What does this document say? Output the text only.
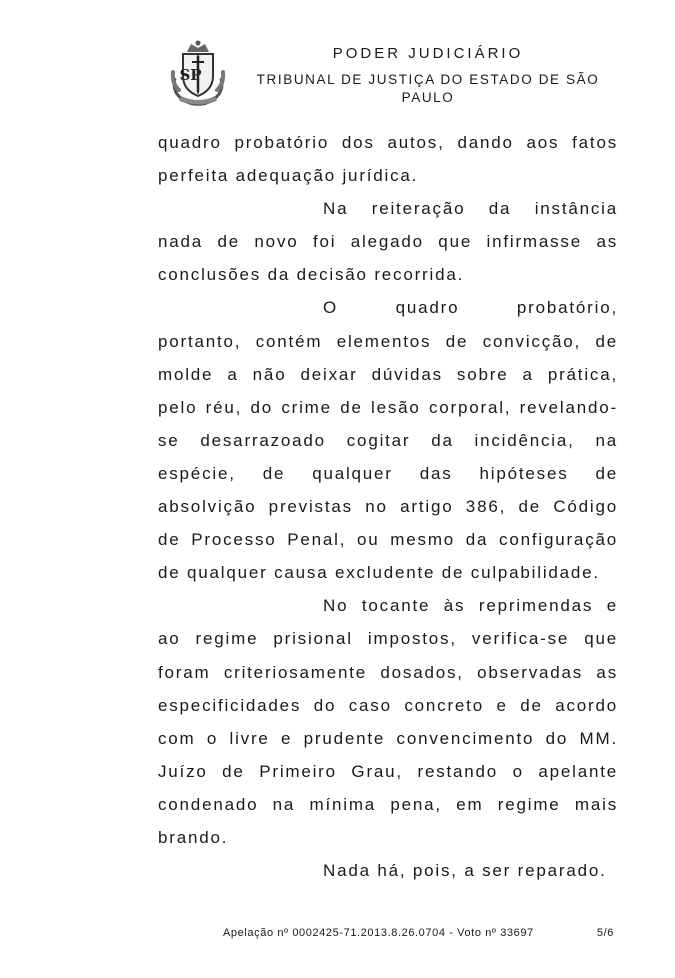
SP
PODER JUDICIÁRIO
TRIBUNAL DE JUSTIÇA DO ESTADO DE SÃO PAULO
quadro probatório dos autos, dando aos fatos
perfeita adequação jurídica.
Na reiteração da instância
nada de novo foi alegado que infirmasse as
conclusões da decisão recorrida.
O quadro probatório,
portanto, contém elementos de convicção, de
molde a não deixar dúvidas sobre a prática,
pelo réu, do crime de lesão corporal, revelando-
se desarrazoado cogitar da incidência, na
espécie, de qualquer das hipóteses de
absolvição previstas no artigo 386, de Código
de Processo Penal, ou mesmo da configuração
de qualquer causa excludente de culpabilidade.
No tocante às reprimendas e
ao regime prisional impostos, verifica-se que
foram criteriosamente dosados, observadas as
especificidades do caso concreto e de acordo
com o livre e prudente convencimento do MM.
Juízo de Primeiro Grau, restando o apelante
condenado na mínima pena, em regime mais
brando.
Nada há, pois, a ser reparado.
Apelação nº 0002425-71.2013.8.26.0704 - Voto nº 33697	5/6
